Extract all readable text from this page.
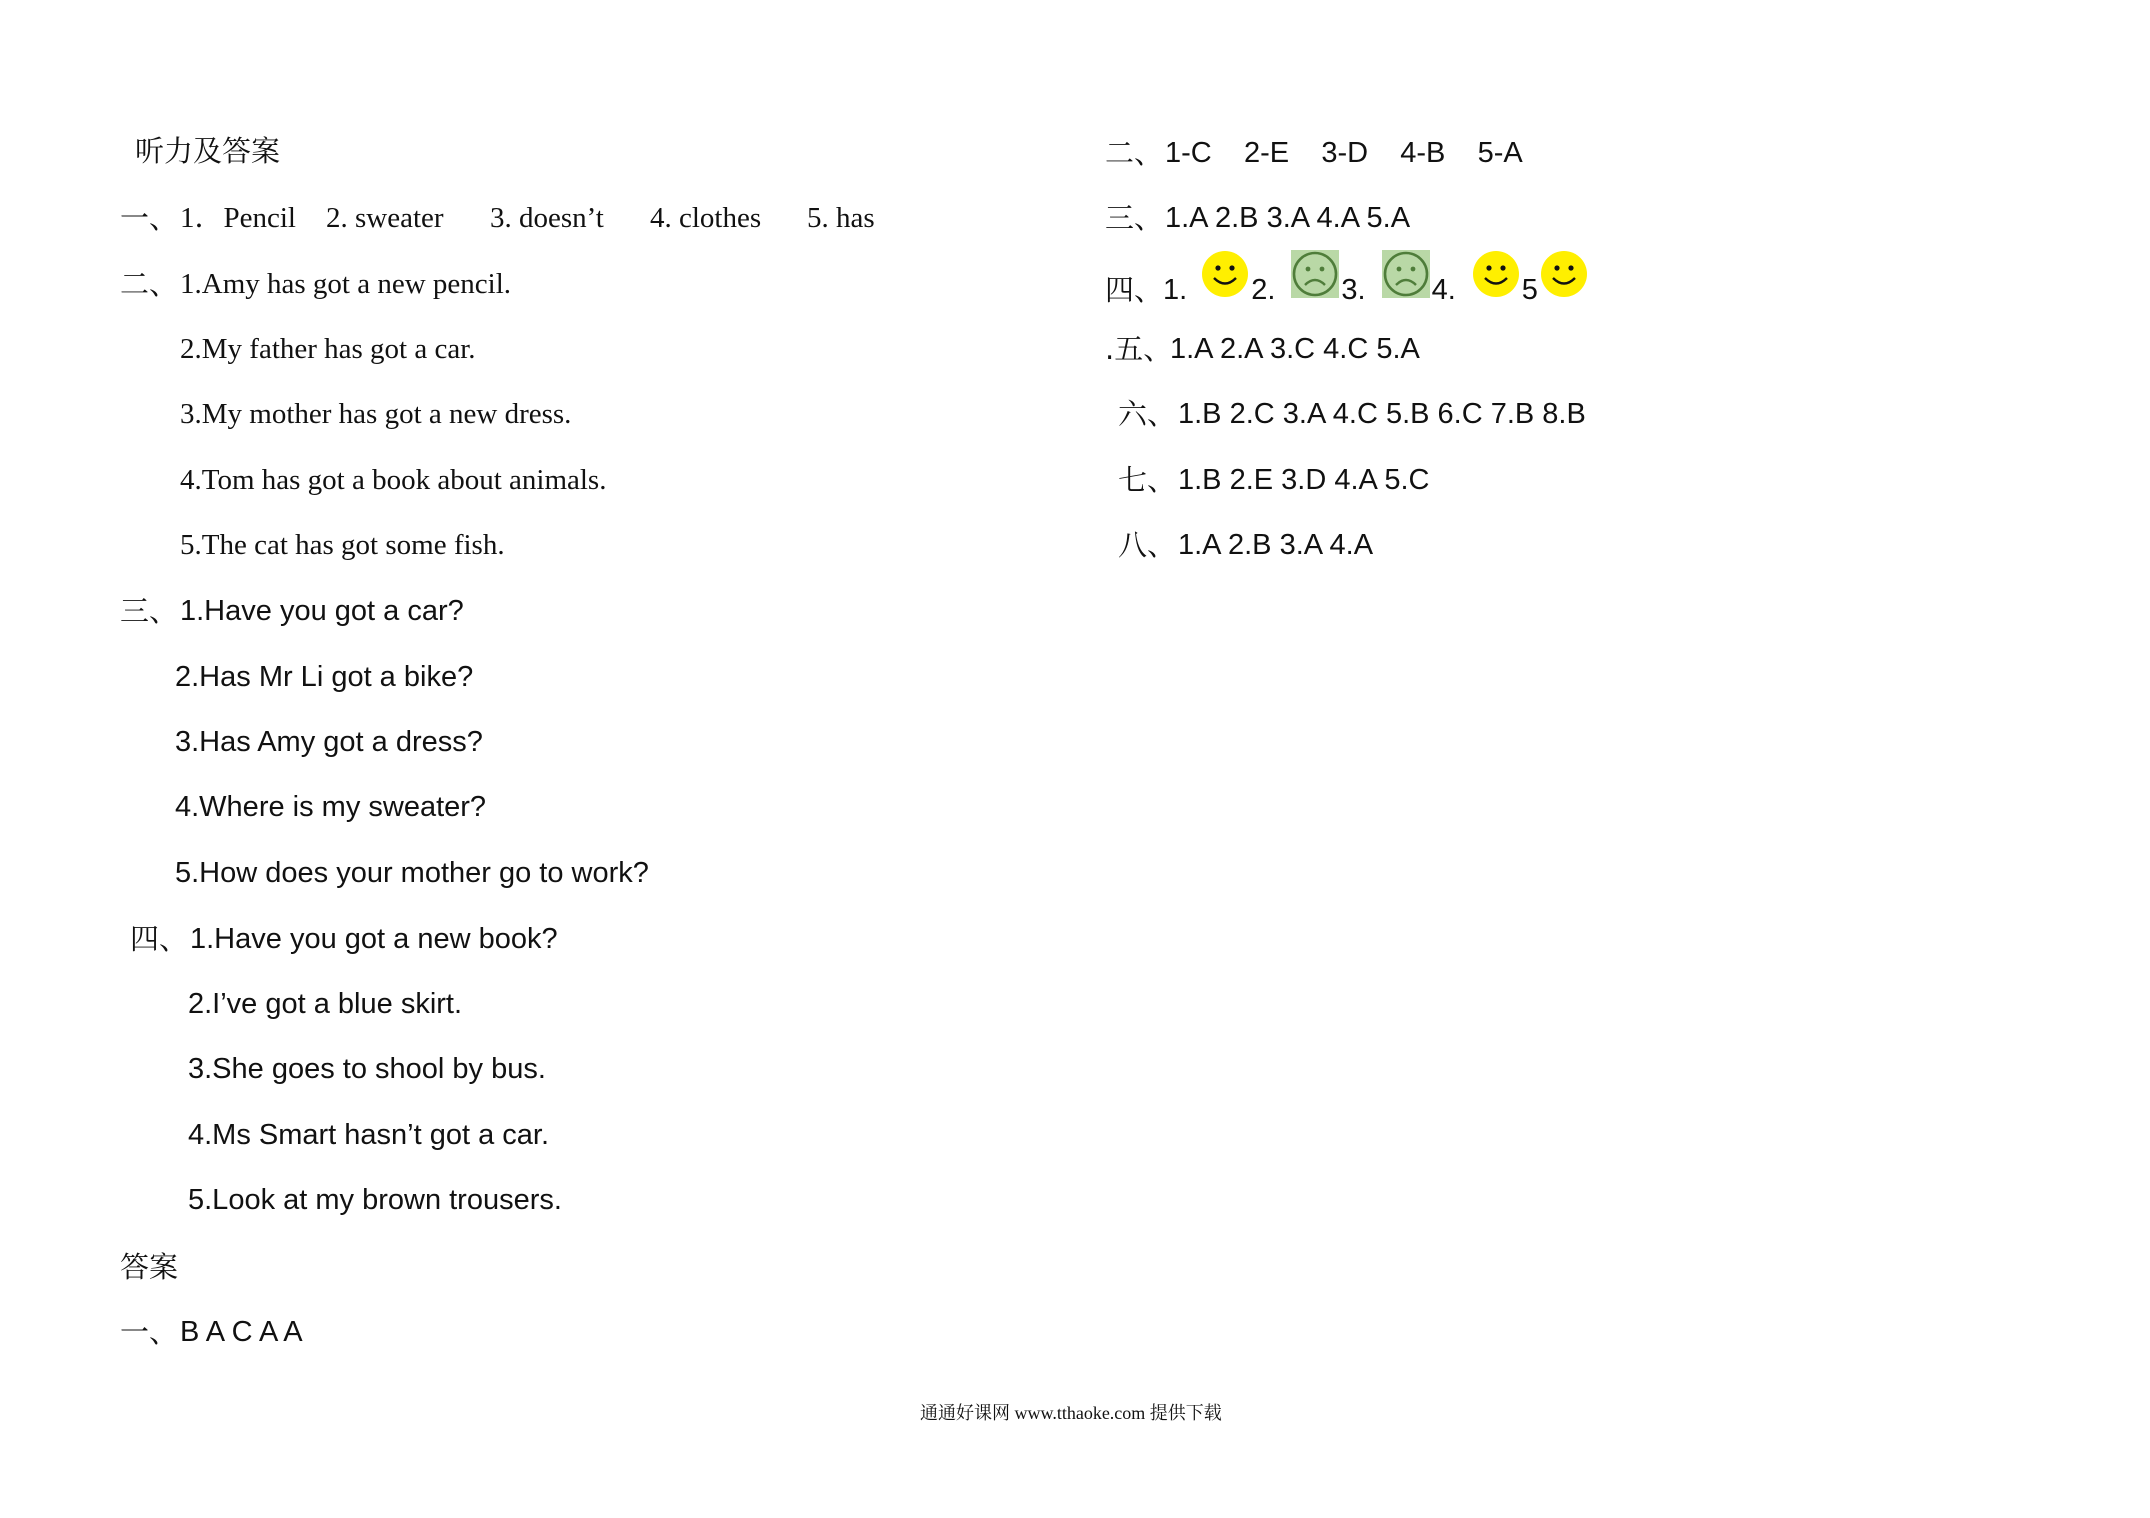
听力及答案
一、 1．Pencil 2. sweater 3. doesn’t 4. clothes 5. has
二、 1.Amy has got a new pencil.
2.My father has got a car.
3.My mother has got a new dress.
4.Tom has got a book about animals.
5.The cat has got some fish.
三、 1.Have you got a car?
2.Has Mr Li got a bike?
3.Has Amy got a dress?
4.Where is my sweater?
5.How does your mother go to work?
四、 1.Have you got a new book?
2.I’ve got a blue skirt.
3.She goes to shool by bus.
4.Ms Smart hasn’t got a car.
5.Look at my brown trousers.
答案
一、 B A C A A
二、 1-C    2-E    3-D    4-B    5-A
三、 1.A 2.B 3.A 4.A 5.A
四、 1. 2. 3. 4. 5
.五、
1.A 2.A 3.C 4.C 5.A
六、 1.B 2.C 3.A 4.C 5.B 6.C 7.B 8.B
七、 1.B 2.E 3.D 4.A 5.C
八、 1.A 2.B 3.A 4.A
通通好课网 www.tthaoke.com 提供下载
